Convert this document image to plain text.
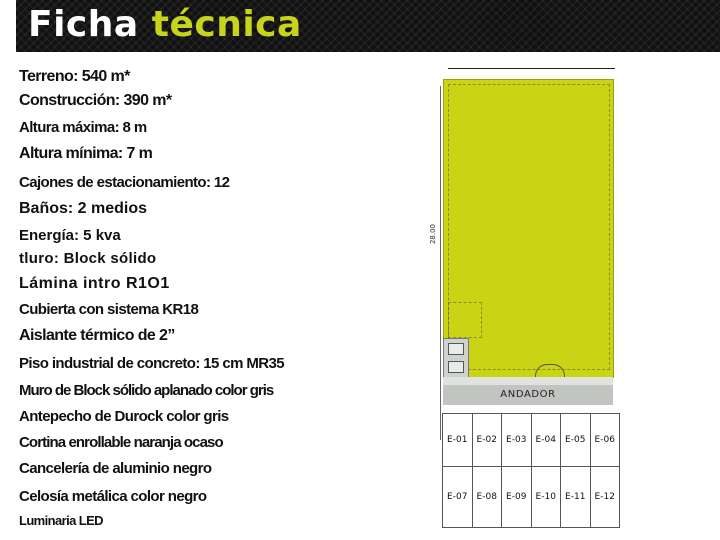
Ficha técnica
Terreno: 540 m*
Construcción: 390 m*
Altura máxima: 8 m
Altura mínima: 7 m
Cajones de estacionamiento: 12
Baños: 2 medios
Energía: 5 kva
tluro: Block sólido
Lámina intro R1O1
Cubierta con sistema KR18
Aislante térmico de 2”
Piso industrial de concreto: 15 cm MR35
Muro de Block sólido aplanado color gris
Antepecho de Durock color gris
Cortina enrollable naranja ocaso
Cancelería de aluminio negro
Celosía metálica color negro
Luminaria LED
28.00
ANDADOR
E-01	E-02	E-03	E-04	E-05	E-06
E-07	E-08	E-09	E-10	E-11	E-12
